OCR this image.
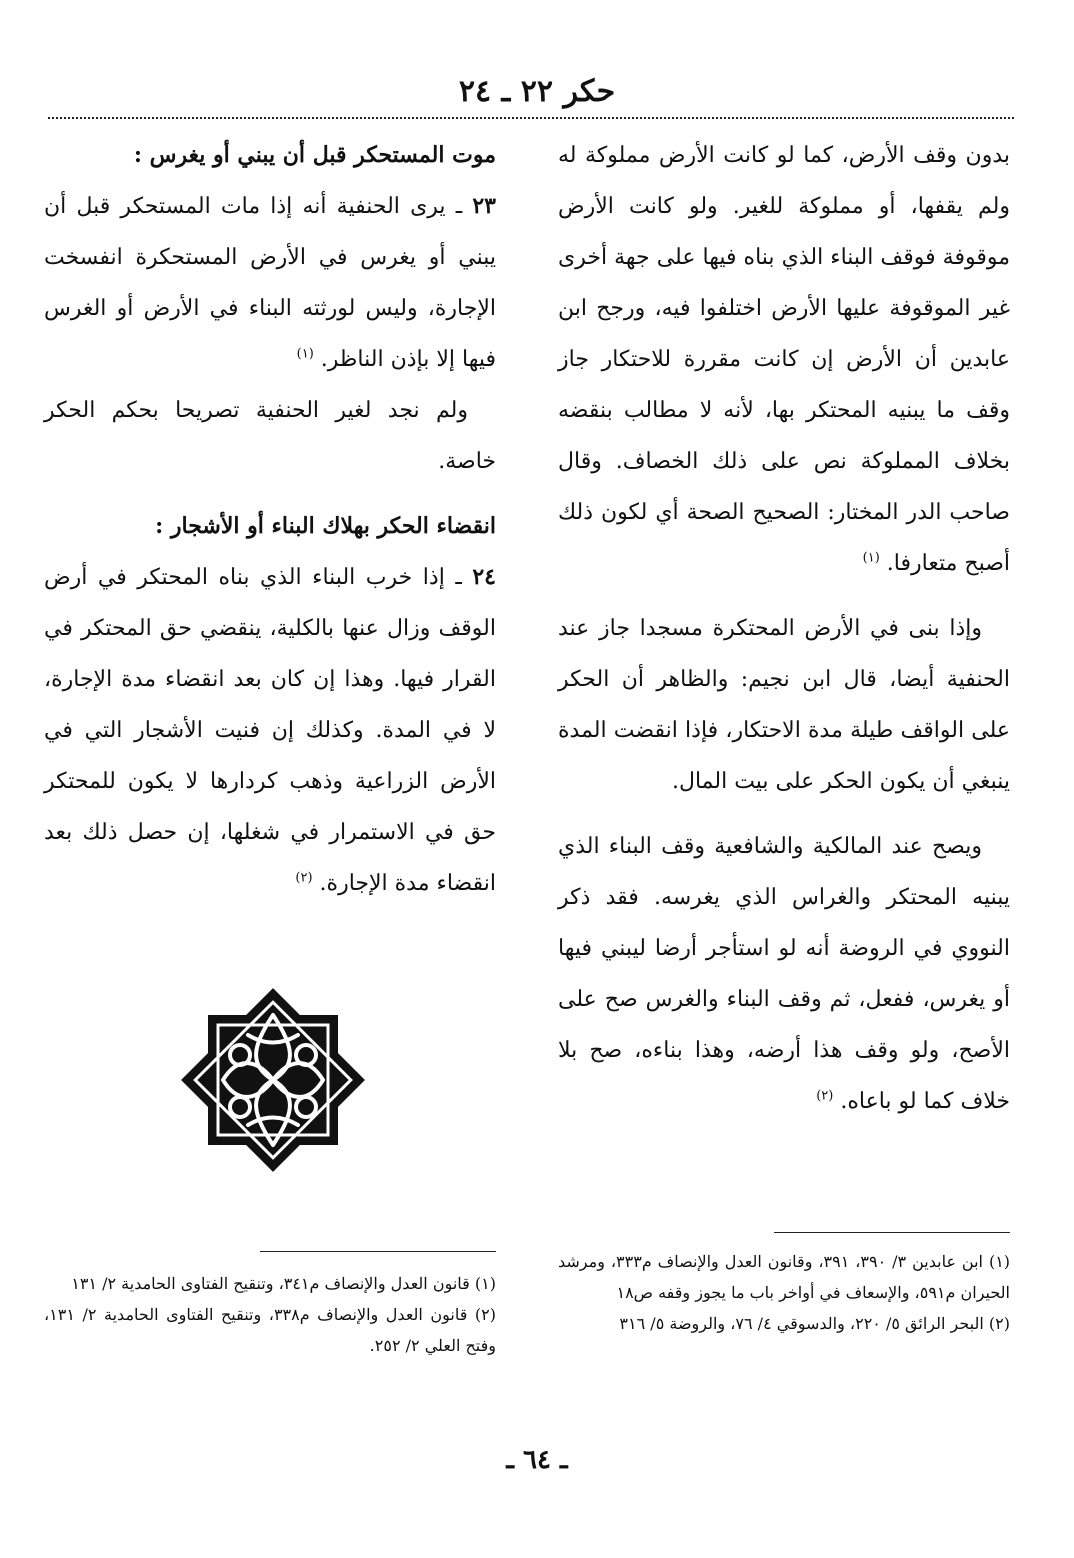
حكر ٢٢ ـ ٢٤

بدون وقف الأرض، كما لو كانت الأرض مملوكة له ولم يقفها، أو مملوكة للغير. ولو كانت الأرض موقوفة فوقف البناء الذي بناه فيها على جهة أخرى غير الموقوفة عليها الأرض اختلفوا فيه، ورجح ابن عابدين أن الأرض إن كانت مقررة للاحتكار جاز وقف ما يبنيه المحتكر بها، لأنه لا مطالب بنقضه بخلاف المملوكة نص على ذلك الخصاف. وقال صاحب الدر المختار: الصحيح الصحة أي لكون ذلك أصبح متعارفا. $^{(١)}$

وإذا بنى في الأرض المحتكرة مسجدا جاز عند الحنفية أيضا، قال ابن نجيم: والظاهر أن الحكر على الواقف طيلة مدة الاحتكار، فإذا انقضت المدة ينبغي أن يكون الحكر على بيت المال.

ويصح عند المالكية والشافعية وقف البناء الذي يبنيه المحتكر والغراس الذي يغرسه. فقد ذكر النووي في الروضة أنه لو استأجر أرضا ليبني فيها أو يغرس، ففعل، ثم وقف البناء والغرس صح على الأصح، ولو وقف هذا أرضه، وهذا بناءه، صح بلا خلاف كما لو باعاه. $^{(٢)}$

موت المستحكر قبل أن يبني أو يغرس :

٢٣ ـ يرى الحنفية أنه إذا مات المستحكر قبل أن يبني أو يغرس في الأرض المستحكرة انفسخت الإجارة، وليس لورثته البناء في الأرض أو الغرس فيها إلا بإذن الناظر. $^{(١)}$

ولم نجد لغير الحنفية تصريحا بحكم الحكر خاصة.

انقضاء الحكر بهلاك البناء أو الأشجار :

٢٤ ـ إذا خرب البناء الذي بناه المحتكر في أرض الوقف وزال عنها بالكلية، ينقضي حق المحتكر في القرار فيها. وهذا إن كان بعد انقضاء مدة الإجارة، لا في المدة. وكذلك إن فنيت الأشجار التي في الأرض الزراعية وذهب كردارها لا يكون للمحتكر حق في الاستمرار في شغلها، إن حصل ذلك بعد انقضاء مدة الإجارة. $^{(٢)}$

(١) ابن عابدين ٣/ ٣٩٠، ٣٩١، وقانون العدل والإنصاف م٣٣٣، ومرشد الحيران م٥٩١، والإسعاف في أواخر باب ما يجوز وقفه ص١٨

(٢) البحر الرائق ٥/ ٢٢٠، والدسوقي ٤/ ٧٦، والروضة ٥/ ٣١٦

(١) قانون العدل والإنصاف م٣٤١، وتنقيح الفتاوى الحامدية ٢/ ١٣١

(٢) قانون العدل والإنصاف م٣٣٨، وتنقيح الفتاوى الحامدية ٢/ ١٣١، وفتح العلي ٢/ ٢٥٢.

ـ ٦٤ ـ
